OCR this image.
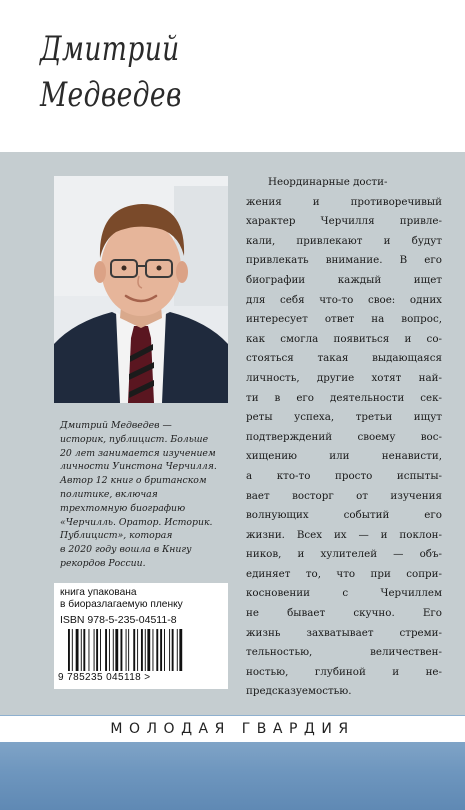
Дмитрий
Медведев
Дмитрий Медведев —
историк, публицист. Больше
20 лет занимается изучением
личности Уинстона Черчилля.
Автор 12 книг о британском
политике, включая
трехтомную биографию
«Черчилль. Оратор. Историк.
Публицист», которая
в 2020 году вошла в Книгу
рекордов России.
книга упакована
в биоразлагаемую пленку
ISBN 978-5-235-04511-8
9 785235 045118 >
Неординарные дости-
жения и противоречивый
характер Черчилля привле-
кали, привлекают и будут
привлекать внимание. В его
биографии каждый ищет
для себя что-то свое: одних
интересует ответ на вопрос,
как смогла появиться и со-
стояться такая выдающаяся
личность, другие хотят най-
ти в его деятельности сек-
реты успеха, третьи ищут
подтверждений своему вос-
хищению или ненависти,
а кто-то просто испыты-
вает восторг от изучения
волнующих событий его
жизни. Всех их — и поклон-
ников, и хулителей — объ-
единяет то, что при сопри-
косновении с Черчиллем
не бывает скучно. Его
жизнь захватывает стреми-
тельностью, величествен-
ностью, глубиной и не-
предсказуемостью.
МОЛОДАЯ ГВАРДИЯ
